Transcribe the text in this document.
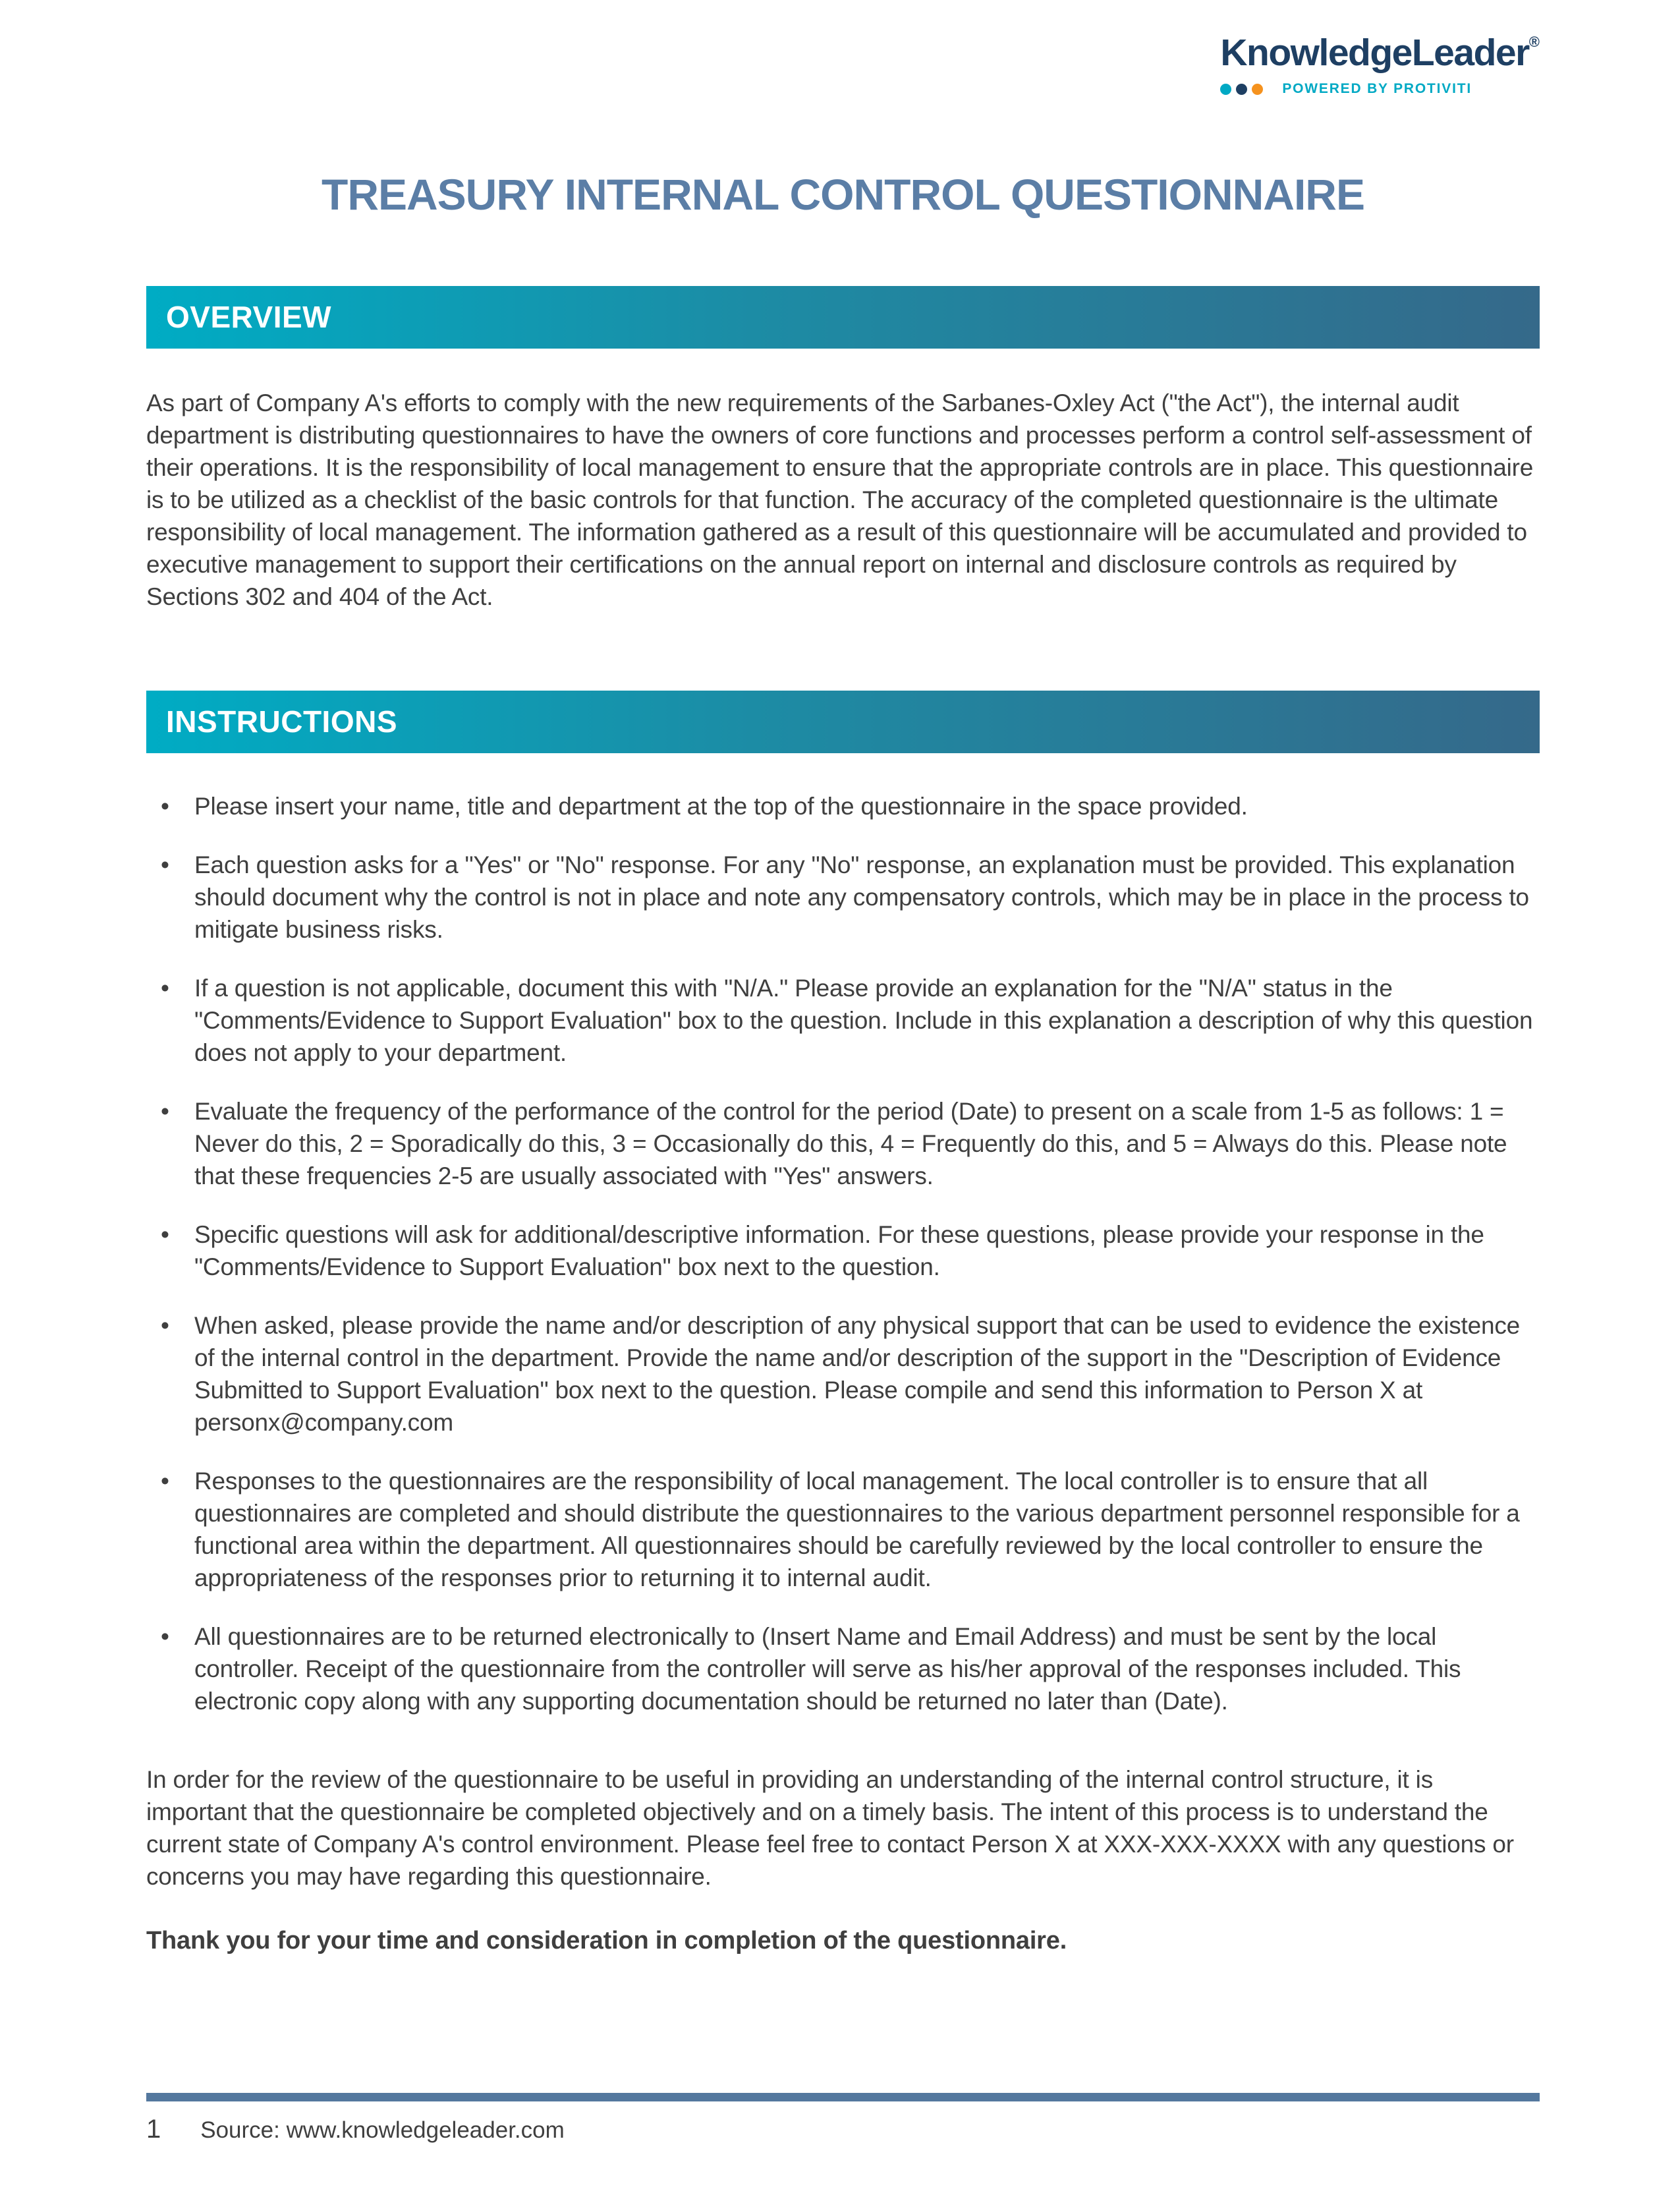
KnowledgeLeader®
POWERED BY PROTIVITI
TREASURY INTERNAL CONTROL QUESTIONNAIRE
OVERVIEW

As part of Company A's efforts to comply with the new requirements of the Sarbanes-Oxley Act ("the Act"), the internal audit department is distributing questionnaires to have the owners of core functions and processes perform a control self-assessment of their operations. It is the responsibility of local management to ensure that the appropriate controls are in place. This questionnaire is to be utilized as a checklist of the basic controls for that function. The accuracy of the completed questionnaire is the ultimate responsibility of local management. The information gathered as a result of this questionnaire will be accumulated and provided to executive management to support their certifications on the annual report on internal and disclosure controls as required by Sections 302 and 404 of the Act.

INSTRUCTIONS
• Please insert your name, title and department at the top of the questionnaire in the space provided.
• Each question asks for a "Yes" or "No" response. For any "No" response, an explanation must be provided. This explanation should document why the control is not in place and note any compensatory controls, which may be in place in the process to mitigate business risks.
• If a question is not applicable, document this with "N/A." Please provide an explanation for the "N/A" status in the "Comments/Evidence to Support Evaluation" box to the question. Include in this explanation a description of why this question does not apply to your department.
• Evaluate the frequency of the performance of the control for the period (Date) to present on a scale from 1-5 as follows: 1 = Never do this, 2 = Sporadically do this, 3 = Occasionally do this, 4 = Frequently do this, and 5 = Always do this. Please note that these frequencies 2-5 are usually associated with "Yes" answers.
• Specific questions will ask for additional/descriptive information. For these questions, please provide your response in the "Comments/Evidence to Support Evaluation" box next to the question.
• When asked, please provide the name and/or description of any physical support that can be used to evidence the existence of the internal control in the department. Provide the name and/or description of the support in the "Description of Evidence Submitted to Support Evaluation" box next to the question. Please compile and send this information to Person X at personx@company.com
• Responses to the questionnaires are the responsibility of local management. The local controller is to ensure that all questionnaires are completed and should distribute the questionnaires to the various department personnel responsible for a functional area within the department. All questionnaires should be carefully reviewed by the local controller to ensure the appropriateness of the responses prior to returning it to internal audit.
• All questionnaires are to be returned electronically to (Insert Name and Email Address) and must be sent by the local controller. Receipt of the questionnaire from the controller will serve as his/her approval of the responses included. This electronic copy along with any supporting documentation should be returned no later than (Date).

In order for the review of the questionnaire to be useful in providing an understanding of the internal control structure, it is important that the questionnaire be completed objectively and on a timely basis. The intent of this process is to understand the current state of Company A's control environment. Please feel free to contact Person X at XXX-XXX-XXXX with any questions or concerns you may have regarding this questionnaire.

Thank you for your time and consideration in completion of the questionnaire.

1 Source: www.knowledgeleader.com
